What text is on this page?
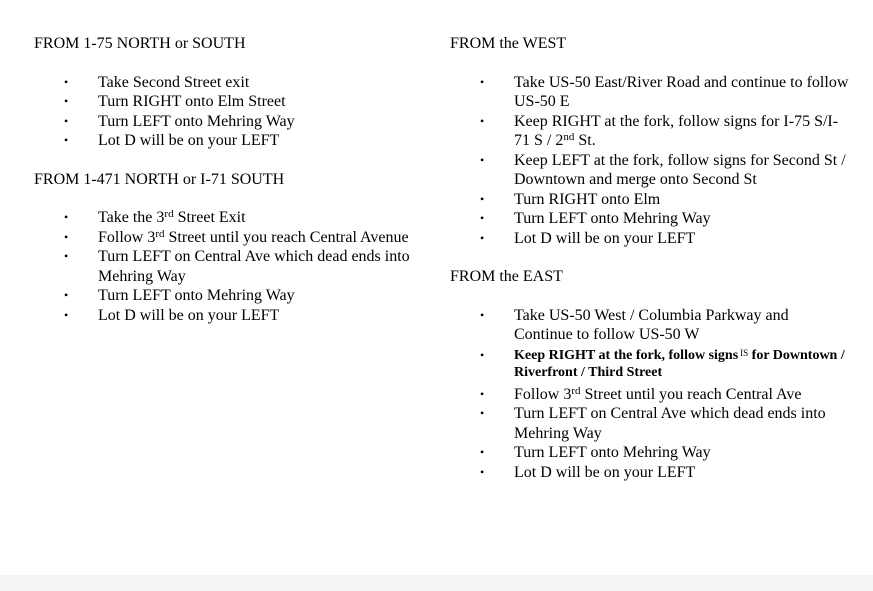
FROM 1-75 NORTH or SOUTH

• Take Second Street exit
• Turn RIGHT onto Elm Street
• Turn LEFT onto Mehring Way
• Lot D will be on your LEFT

FROM 1-471 NORTH or I-71 SOUTH

• Take the 3rd Street Exit
• Follow 3rd Street until you reach Central Avenue
• Turn LEFT on Central Ave which dead ends into Mehring Way
• Turn LEFT onto Mehring Way
• Lot D will be on your LEFT

FROM the WEST

• Take US-50 East/River Road and continue to follow US-50 E
• Keep RIGHT at the fork, follow signs for I-75 S/I-71 S / 2nd St.
• Keep LEFT at the fork, follow signs for Second St / Downtown and merge onto Second St
• Turn RIGHT onto Elm
• Turn LEFT onto Mehring Way
• Lot D will be on your LEFT

FROM the EAST

• Take US-50 West / Columbia Parkway and Continue to follow US-50 W
• Keep RIGHT at the fork, follow signs $^{IS}$ for Downtown / Riverfront / Third Street
• Follow 3rd Street until you reach Central Ave
• Turn LEFT on Central Ave which dead ends into Mehring Way
• Turn LEFT onto Mehring Way
• Lot D will be on your LEFT
